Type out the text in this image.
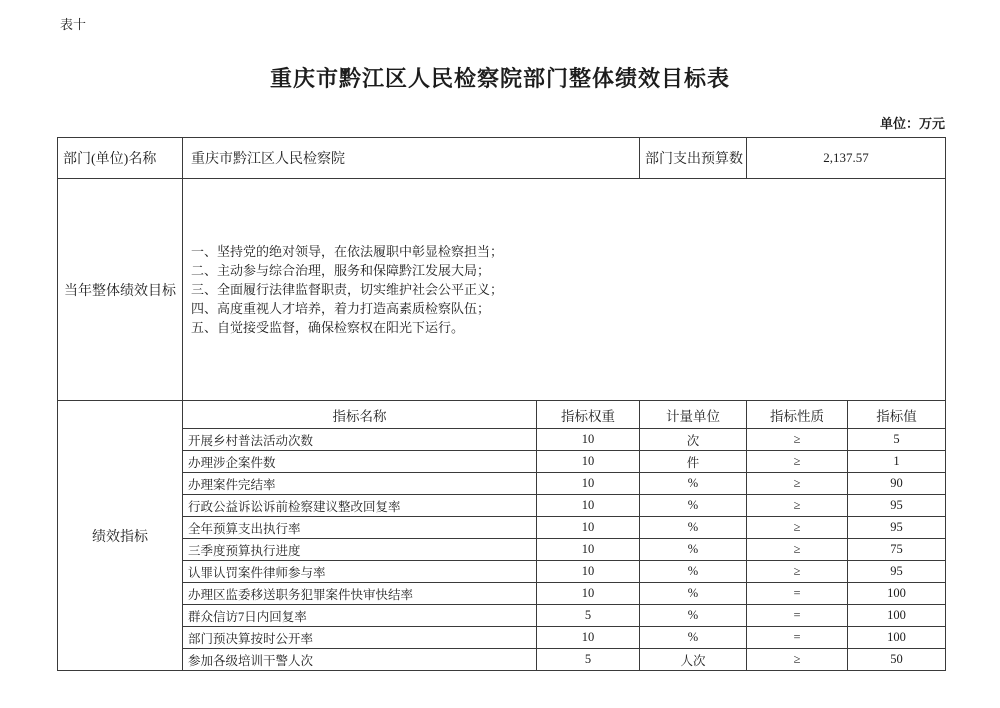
表十
重庆市黔江区人民检察院部门整体绩效目标表
单位：万元
部门(单位)名称	重庆市黔江区人民检察院		部门支出预算数	2,137.57	
当年整体绩效目标	一、坚持党的绝对领导，在依法履职中彰显检察担当；
二、主动参与综合治理，服务和保障黔江发展大局；
三、全面履行法律监督职责，切实维护社会公平正义；
四、高度重视人才培养，着力打造高素质检察队伍；
五、自觉接受监督，确保检察权在阳光下运行。				

绩效指标	指标名称	指标权重	计量单位	指标性质	指标值
	开展乡村普法活动次数	10	次	≥	5
	办理涉企案件数	10	件	≥	1
	办理案件完结率	10	%	≥	90
	行政公益诉讼诉前检察建议整改回复率	10	%	≥	95
	全年预算支出执行率	10	%	≥	95
	三季度预算执行进度	10	%	≥	75
	认罪认罚案件律师参与率	10	%	≥	95
	办理区监委移送职务犯罪案件快审快结率	10	%	=	100
	群众信访7日内回复率	5	%	=	100
	部门预决算按时公开率	10	%	=	100
	参加各级培训干警人次	5	人次	≥	50
